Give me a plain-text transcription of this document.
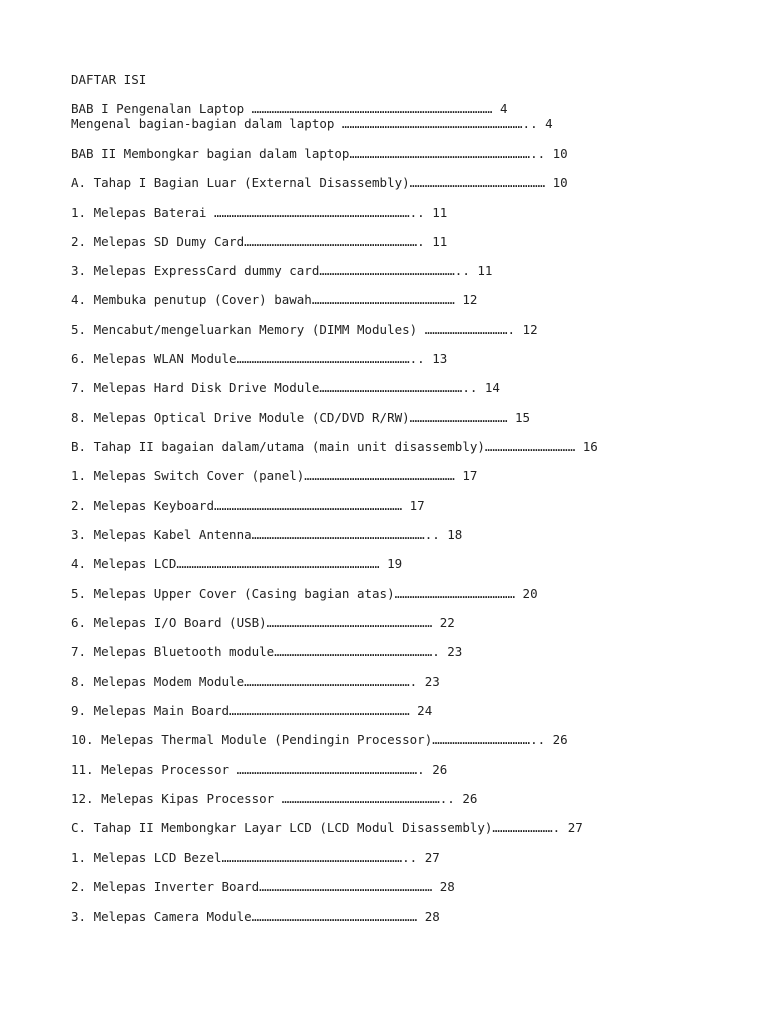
DAFTAR ISI
BAB I Pengenalan Laptop …………………………………………………………………………………… 4
Mengenal bagian-bagian dalam laptop ……………………………………………………………….. 4
BAB II Membongkar bagian dalam laptop……………………………………………………………….. 10
A. Tahap I Bagian Luar (External Disassembly)……………………………………………… 10
1. Melepas Baterai …………………………………………………………………….. 11
2. Melepas SD Dumy Card……………………………………………………………. 11
3. Melepas ExpressCard dummy card……………………………………………….. 11
4. Membuka penutup (Cover) bawah………………………………………………… 12
5. Mencabut/mengeluarkan Memory (DIMM Modules) ……………………………. 12
6. Melepas WLAN Module…………………………………………………………….. 13
7. Melepas Hard Disk Drive Module………………………………………………….. 14
8. Melepas Optical Drive Module (CD/DVD R/RW)………………………………… 15
B. Tahap II bagaian dalam/utama (main unit disassembly)……………………………… 16
1. Melepas Switch Cover (panel)…………………………………………………… 17
2. Melepas Keyboard………………………………………………………………… 17
3. Melepas Kabel Antenna…………………………………………………………….. 18
4. Melepas LCD……………………………………………………………………… 19
5. Melepas Upper Cover (Casing bagian atas)………………………………………… 20
6. Melepas I/O Board (USB)………………………………………………………… 22
7. Melepas Bluetooth module………………………………………………………. 23
8. Melepas Modem Module…………………………………………………………. 23
9. Melepas Main Board……………………………………………………………… 24
10. Melepas Thermal Module (Pendingin Processor)………………………………….. 26
11. Melepas Processor ………………………………………………………………. 26
12. Melepas Kipas Processor ……………………………………………………….. 26
C. Tahap II Membongkar Layar LCD (LCD Modul Disassembly)……………………. 27
1. Melepas LCD Bezel……………………………………………………………….. 27
2. Melepas Inverter Board…………………………………………………………… 28
3. Melepas Camera Module………………………………………………………… 28
